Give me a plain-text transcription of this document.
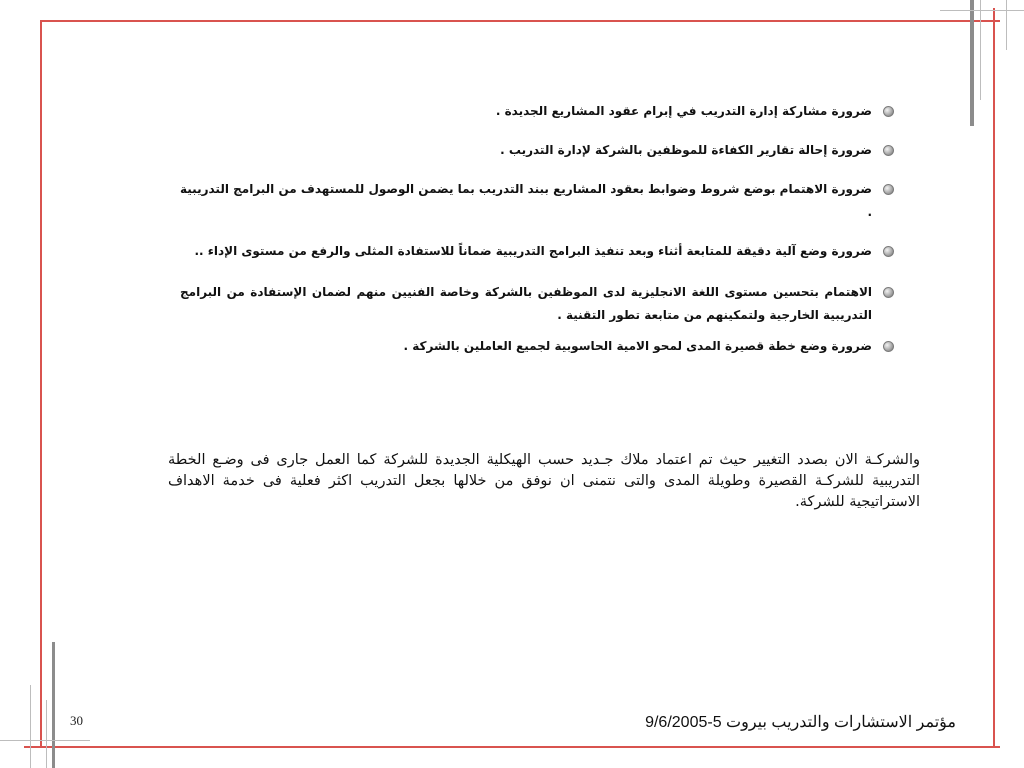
ضرورة مشاركة إدارة التدريب في إبرام عقود المشاريع الجديدة .
ضرورة إحالة تقارير الكفاءة للموظفين بالشركة لإدارة التدريب .
ضرورة الاهتمام بوضع شروط وضوابط بعقود المشاريع ببند التدريب بما يضمن الوصول للمستهدف من البرامج التدريبية .
ضرورة وضع آلية دقيقة للمتابعة أثناء وبعد تنفيذ البرامج التدريبية ضماناً للاستفادة المثلى والرفع من مستوى الإداء ..
الاهتمام بتحسين مستوى اللغة الانجليزية لدى الموظفين بالشركة وخاصة الفنيين منهم لضمان الإستفادة من البرامج التدريبية الخارجية ولتمكينهم من متابعة تطور التقنية .
ضرورة وضع خطة قصيرة المدى لمحو الامية الحاسوبية لجميع العاملين بالشركة .

والشركـة الان بصدد التغيير حيث تم اعتماد ملاك جـديد حسب الهيكلية الجديدة للشركة كما العمل جارى فى وضـع الخطة التدريبية للشركـة القصيرة وطويلة المدى والتى نتمنى ان نوفق من خلالها بجعل التدريب اكثر فعلية فى خدمة الاهداف الاستراتيجية للشركة.

30	مؤتمر الاستشارات والتدريب بيروت 5-9/6/2005
